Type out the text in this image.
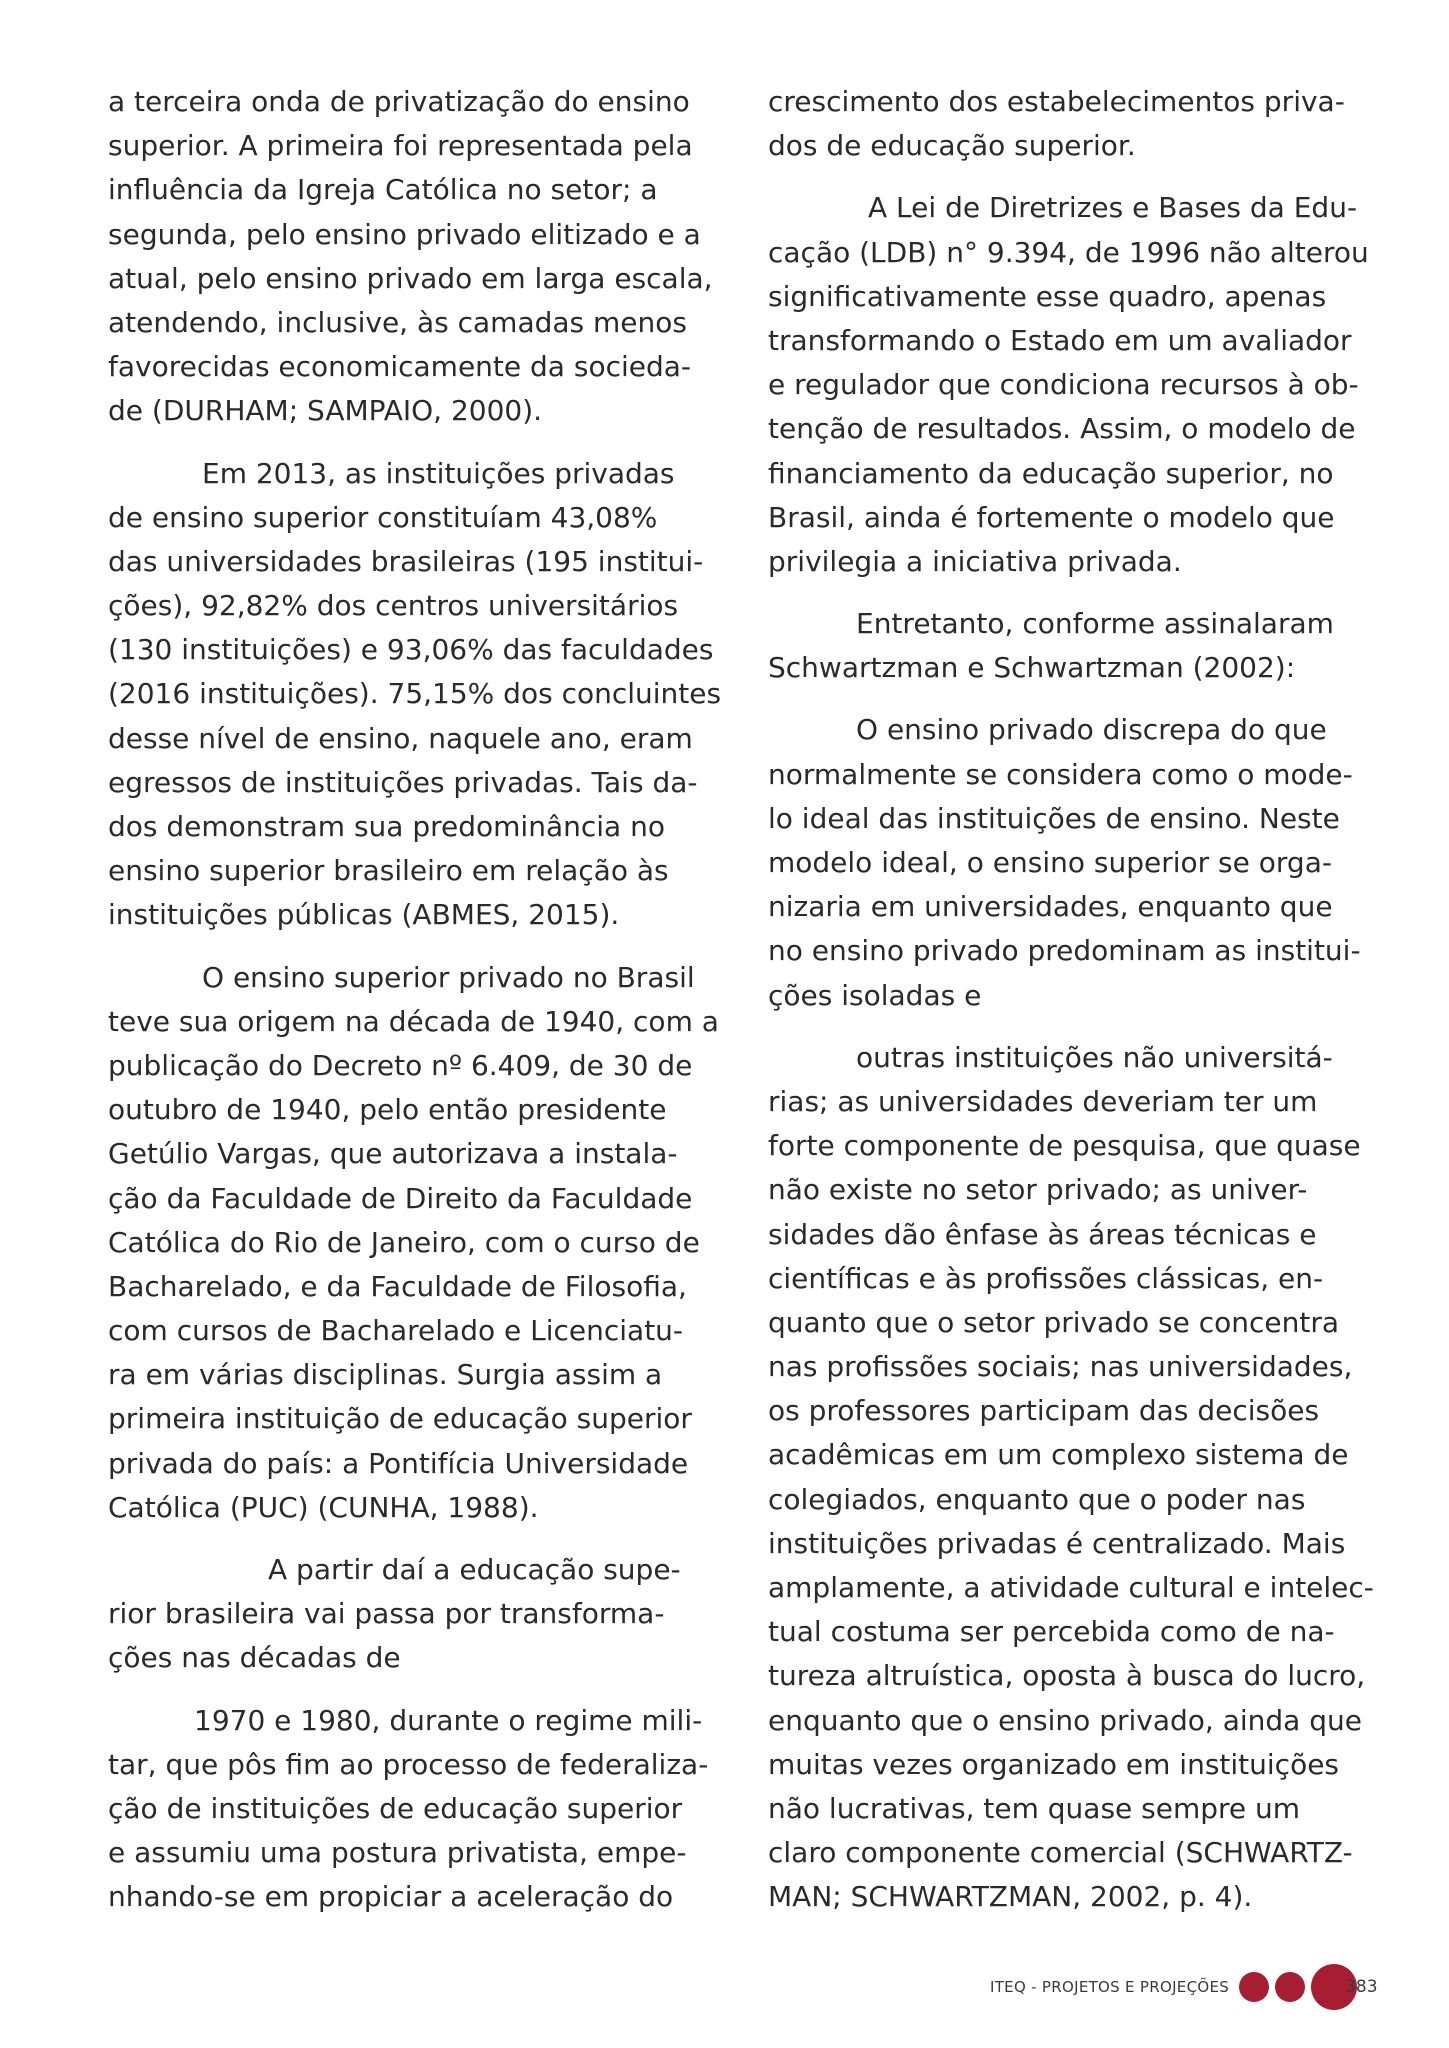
a terceira onda de privatização do ensino
superior. A primeira foi representada pela
influência da Igreja Católica no setor; a
segunda, pelo ensino privado elitizado e a
atual, pelo ensino privado em larga escala,
atendendo, inclusive, às camadas menos
favorecidas economicamente da socieda-
de (DURHAM; SAMPAIO, 2000).
Em 2013, as instituições privadas
de ensino superior constituíam 43,08%
das universidades brasileiras (195 institui-
ções), 92,82% dos centros universitários
(130 instituições) e 93,06% das faculdades
(2016 instituições). 75,15% dos concluintes
desse nível de ensino, naquele ano, eram
egressos de instituições privadas. Tais da-
dos demonstram sua predominância no
ensino superior brasileiro em relação às
instituições públicas (ABMES, 2015).
O ensino superior privado no Brasil
teve sua origem na década de 1940, com a
publicação do Decreto nº 6.409, de 30 de
outubro de 1940, pelo então presidente
Getúlio Vargas, que autorizava a instala-
ção da Faculdade de Direito da Faculdade
Católica do Rio de Janeiro, com o curso de
Bacharelado, e da Faculdade de Filosofia,
com cursos de Bacharelado e Licenciatu-
ra em várias disciplinas. Surgia assim a
primeira instituição de educação superior
privada do país: a Pontifícia Universidade
Católica (PUC) (CUNHA, 1988).
A partir daí a educação supe-
rior brasileira vai passa por transforma-
ções nas décadas de
1970 e 1980, durante o regime mili-
tar, que pôs fim ao processo de federaliza-
ção de instituições de educação superior
e assumiu uma postura privatista, empe-
nhando-se em propiciar a aceleração do
crescimento dos estabelecimentos priva-
dos de educação superior.
A Lei de Diretrizes e Bases da Edu-
cação (LDB) n° 9.394, de 1996 não alterou
significativamente esse quadro, apenas
transformando o Estado em um avaliador
e regulador que condiciona recursos à ob-
tenção de resultados. Assim, o modelo de
financiamento da educação superior, no
Brasil, ainda é fortemente o modelo que
privilegia a iniciativa privada.
Entretanto, conforme assinalaram
Schwartzman e Schwartzman (2002):
O ensino privado discrepa do que
normalmente se considera como o mode-
lo ideal das instituições de ensino. Neste
modelo ideal, o ensino superior se orga-
nizaria em universidades, enquanto que
no ensino privado predominam as institui-
ções isoladas e
outras instituições não universitá-
rias; as universidades deveriam ter um
forte componente de pesquisa, que quase
não existe no setor privado; as univer-
sidades dão ênfase às áreas técnicas e
científicas e às profissões clássicas, en-
quanto que o setor privado se concentra
nas profissões sociais; nas universidades,
os professores participam das decisões
acadêmicas em um complexo sistema de
colegiados, enquanto que o poder nas
instituições privadas é centralizado. Mais
amplamente, a atividade cultural e intelec-
tual costuma ser percebida como de na-
tureza altruística, oposta à busca do lucro,
enquanto que o ensino privado, ainda que
muitas vezes organizado em instituições
não lucrativas, tem quase sempre um
claro componente comercial (SCHWARTZ-
MAN; SCHWARTZMAN, 2002, p. 4).
ITEQ - PROJETOS E PROJEÇÕES	383
